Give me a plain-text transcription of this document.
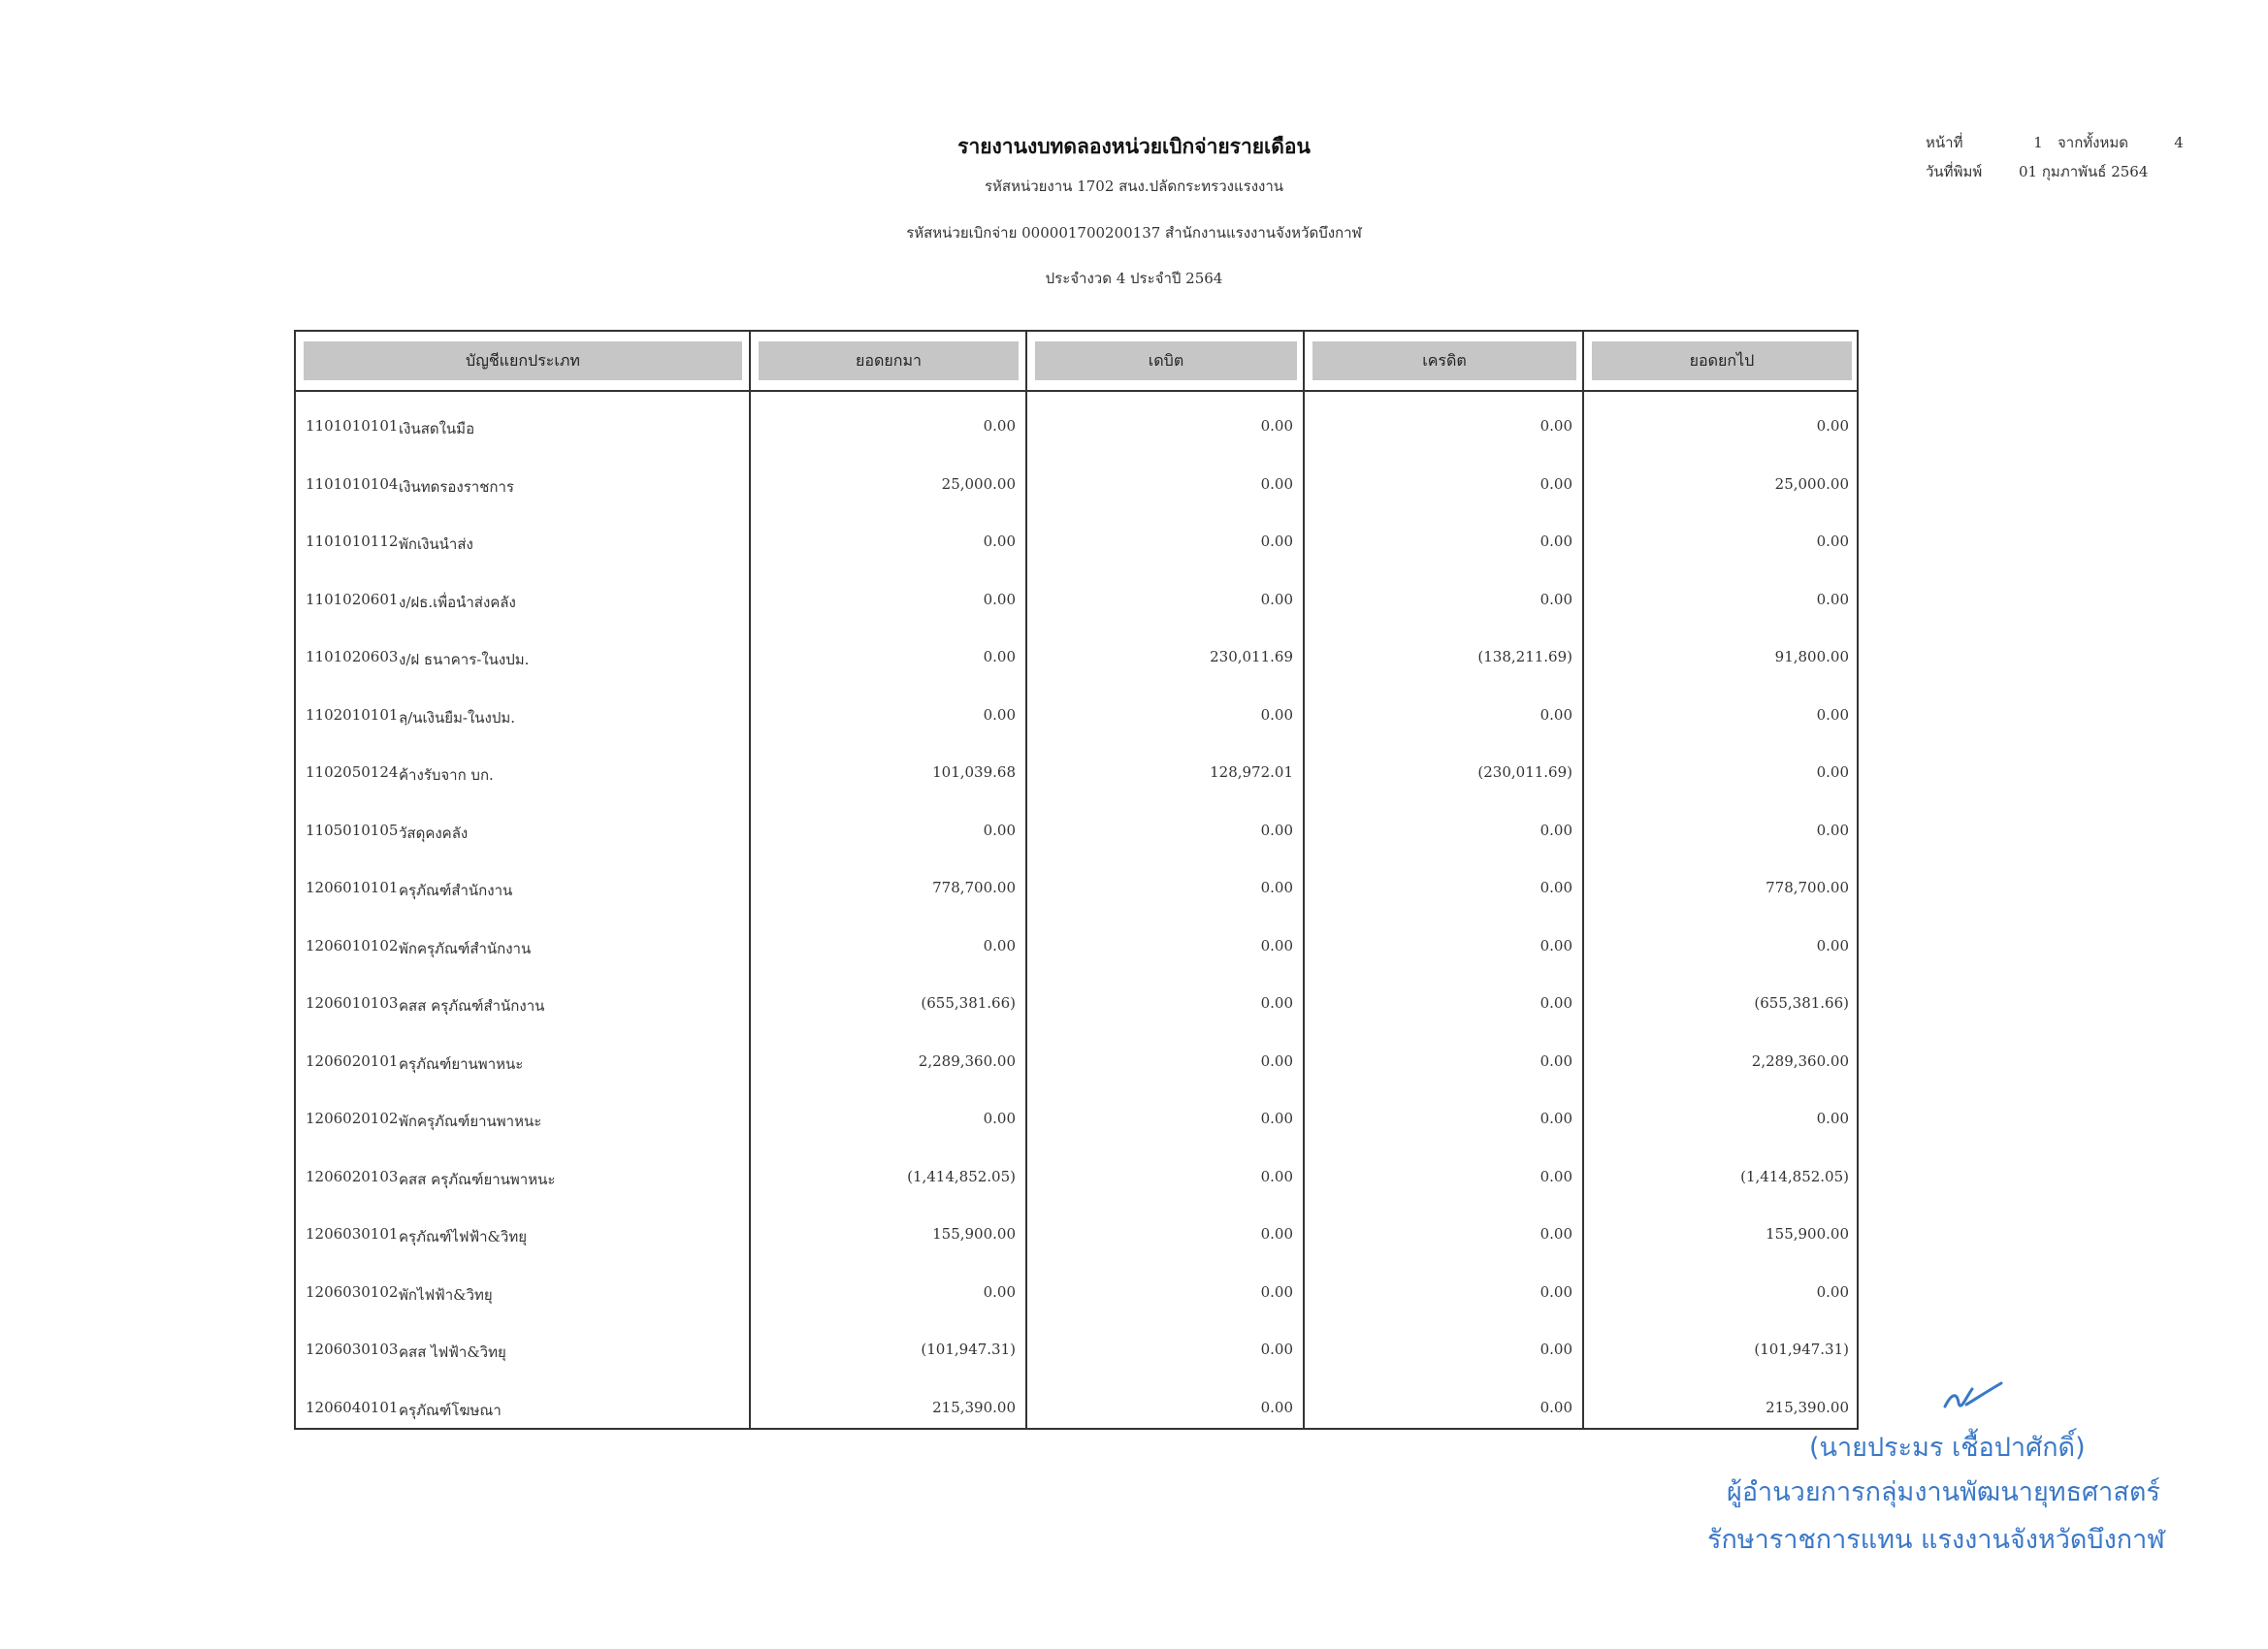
รายงานงบทดลองหน่วยเบิกจ่ายรายเดือน
รหัสหน่วยงาน 1702 สนง.ปลัดกระทรวงแรงงาน
รหัสหน่วยเบิกจ่าย 0000017002001​37 สำนักงานแรงงานจังหวัดบึงกาฬ
ประจำงวด 4 ประจำปี 2564
หน้าที่	1	จากทั้งหมด	4
วันที่พิมพ์	01 กุมภาพันธ์ 2564
บัญชีแยกประเภท	ยอดยกมา	เดบิต	เครดิต	ยอดยกไป
1101010101 เงินสดในมือ	0.00	0.00	0.00	0.00
1101010104 เงินทดรองราชการ	25,000.00	0.00	0.00	25,000.00
1101010112 พักเงินนำส่ง	0.00	0.00	0.00	0.00
1101020601 ง/ฝธ.เพื่อนำส่งคลัง	0.00	0.00	0.00	0.00
1101020603 ง/ฝ ธนาคาร-ในงปม.	0.00	230,011.69	(138,211.69)	91,800.00
1102010101 ลฺ/นเงินยืม-ในงปม.	0.00	0.00	0.00	0.00
1102050124 ค้างรับจาก บก.	101,039.68	128,972.01	(230,011.69)	0.00
1105010105 วัสดุคงคลัง	0.00	0.00	0.00	0.00
1206010101 ครุภัณฑ์สำนักงาน	778,700.00	0.00	0.00	778,700.00
1206010102 พักครุภัณฑ์สำนักงาน	0.00	0.00	0.00	0.00
1206010103 คสส ครุภัณฑ์สำนักงาน	(655,381.66)	0.00	0.00	(655,381.66)
1206020101 ครุภัณฑ์ยานพาหนะ	2,289,360.00	0.00	0.00	2,289,360.00
1206020102 พักครุภัณฑ์ยานพาหนะ	0.00	0.00	0.00	0.00
1206020103 คสส ครุภัณฑ์ยานพาหนะ	(1,414,852.05)	0.00	0.00	(1,414,852.05)
1206030101 ครุภัณฑ์ไฟฟ้า&วิทยุ	155,900.00	0.00	0.00	155,900.00
1206030102 พักไฟฟ้า&วิทยุ	0.00	0.00	0.00	0.00
1206030103 คสส ไฟฟ้า&วิทยุ	(101,947.31)	0.00	0.00	(101,947.31)
1206040101 ครุภัณฑ์โฆษณา	215,390.00	0.00	0.00	215,390.00
(นายประมร เชื้อปาศักดิ์)
ผู้อำนวยการกลุ่มงานพัฒนายุทธศาสตร์
รักษาราชการแทน แรงงานจังหวัดบึงกาฬ
